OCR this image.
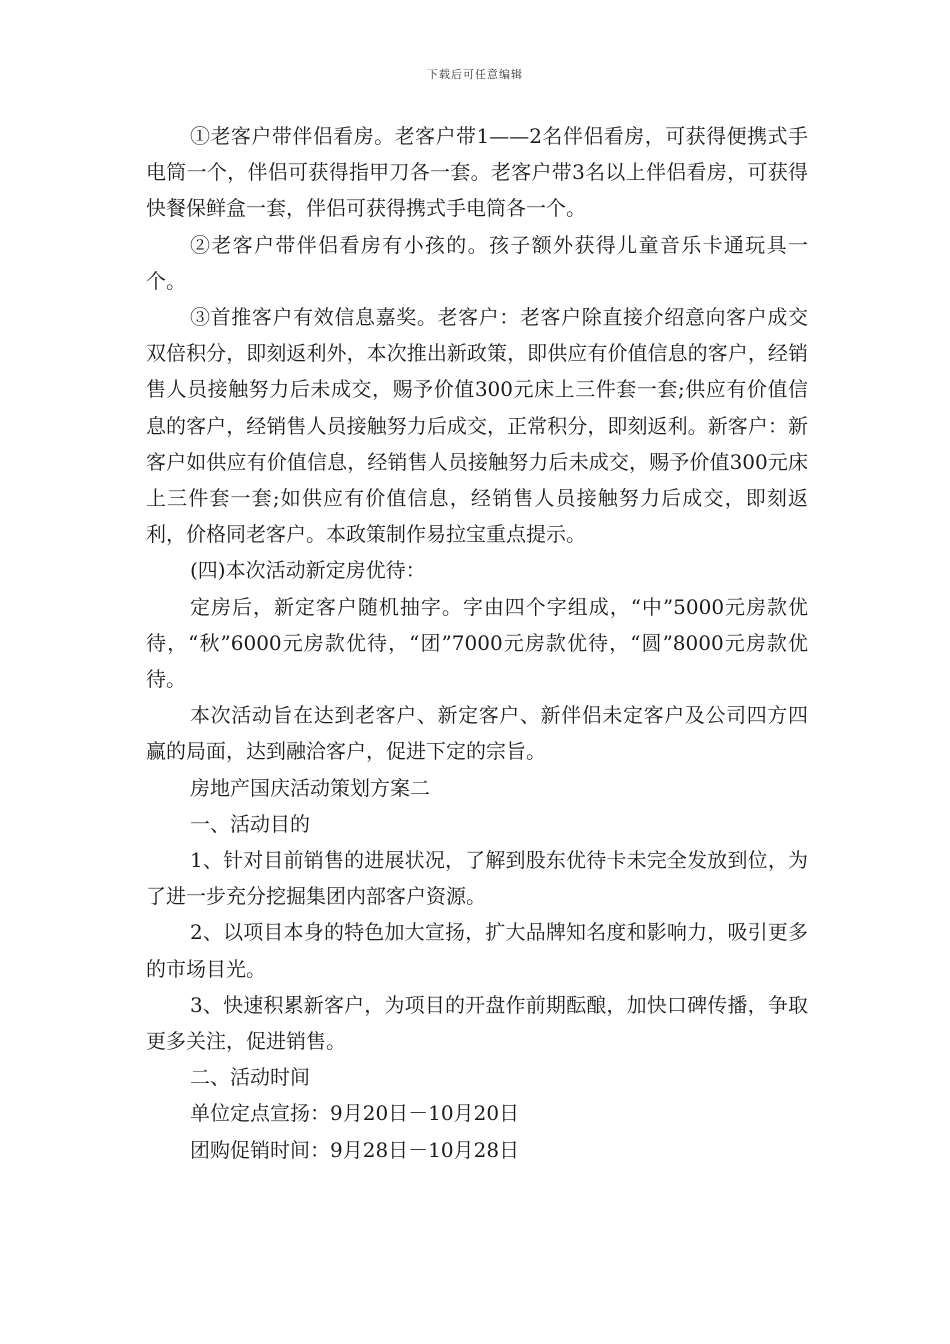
下载后可任意编辑

①老客户带伴侣看房。老客户带1——2名伴侣看房，可获得便携式手电筒一个，伴侣可获得指甲刀各一套。老客户带3名以上伴侣看房，可获得快餐保鲜盒一套，伴侣可获得携式手电筒各一个。

②老客户带伴侣看房有小孩的。孩子额外获得儿童音乐卡通玩具一个。

③首推客户有效信息嘉奖。老客户：老客户除直接介绍意向客户成交双倍积分，即刻返利外，本次推出新政策，即供应有价值信息的客户，经销售人员接触努力后未成交，赐予价值300元床上三件套一套;供应有价值信息的客户，经销售人员接触努力后成交，正常积分，即刻返利。新客户：新客户如供应有价值信息，经销售人员接触努力后未成交，赐予价值300元床上三件套一套;如供应有价值信息，经销售人员接触努力后成交，即刻返利，价格同老客户。本政策制作易拉宝重点提示。

(四)本次活动新定房优待：

定房后，新定客户随机抽字。字由四个字组成，“中”5000元房款优待，“秋”6000元房款优待，“团”7000元房款优待，“圆”8000元房款优待。

本次活动旨在达到老客户、新定客户、新伴侣未定客户及公司四方四赢的局面，达到融洽客户，促进下定的宗旨。

房地产国庆活动策划方案二

一、活动目的

1、针对目前销售的进展状况，了解到股东优待卡未完全发放到位，为了进一步充分挖掘集团内部客户资源。

2、以项目本身的特色加大宣扬，扩大品牌知名度和影响力，吸引更多的市场目光。

3、快速积累新客户，为项目的开盘作前期酝酿，加快口碑传播，争取更多关注，促进销售。

二、活动时间

单位定点宣扬：9月20日－10月20日

团购促销时间：9月28日－10月28日
